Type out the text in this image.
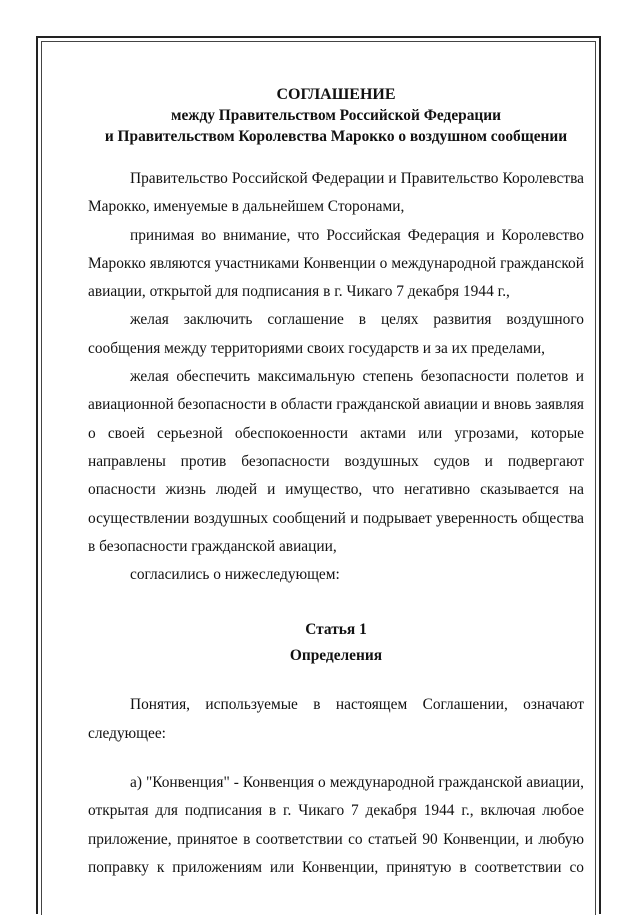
СОГЛАШЕНИЕ
между Правительством Российской Федерации
и Правительством Королевства Марокко о воздушном сообщении

Правительство Российской Федерации и Правительство Королевства Марокко, именуемые в дальнейшем Сторонами,

принимая во внимание, что Российская Федерация и Королевство Марокко являются участниками Конвенции о международной гражданской авиации, открытой для подписания в г. Чикаго 7 декабря 1944 г.,

желая заключить соглашение в целях развития воздушного сообщения между территориями своих государств и за их пределами,

желая обеспечить максимальную степень безопасности полетов и авиационной безопасности в области гражданской авиации и вновь заявляя о своей серьезной обеспокоенности актами или угрозами, которые направлены против безопасности воздушных судов и подвергают опасности жизнь людей и имущество, что негативно сказывается на осуществлении воздушных сообщений и подрывает уверенность общества в безопасности гражданской авиации,

согласились о нижеследующем:

Статья 1
Определения

Понятия, используемые в настоящем Соглашении, означают следующее:

а) "Конвенция" - Конвенция о международной гражданской авиации, открытая для подписания в г. Чикаго 7 декабря 1944 г., включая любое приложение, принятое в соответствии со статьей 90 Конвенции, и любую поправку к приложениям или Конвенции, принятую в соответствии со
